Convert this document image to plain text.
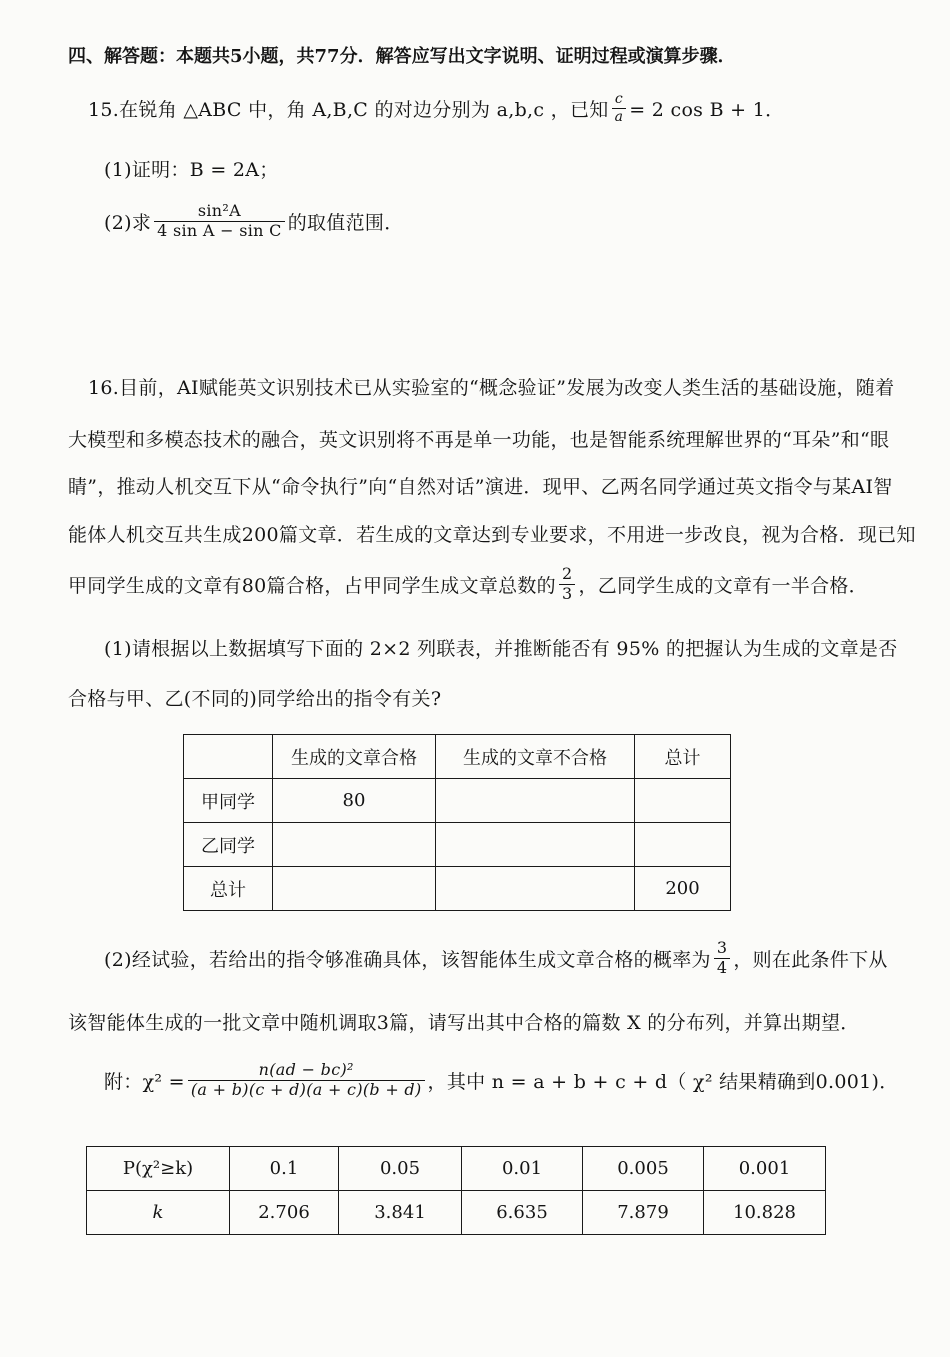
四、解答题：本题共5小题，共77分．解答应写出文字说明、证明过程或演算步骤．
15.在锐角 △ABC 中，角 A,B,C 的对边分别为 a,b,c ，已知 $\frac{c}{a} = 2$ cos B + 1．
(1)证明：B = 2A；
(2)求 $\frac{\text{sin²A}}{\text{4 sin A − sin C}}$ 的取值范围．
16.目前，AI赋能英文识别技术已从实验室的“概念验证”发展为改变人类生活的基础设施，随着
大模型和多模态技术的融合，英文识别将不再是单一功能，也是智能系统理解世界的“耳朵”和“眼
睛”，推动人机交互下从“命令执行”向“自然对话”演进．现甲、乙两名同学通过英文指令与某AI智
能体人机交互共生成200篇文章．若生成的文章达到专业要求，不用进一步改良，视为合格．现已知
甲同学生成的文章有80篇合格，占甲同学生成文章总数的 $\frac{2}{3}$ ，乙同学生成的文章有一半合格．
(1)请根据以上数据填写下面的 2×2 列联表，并推断能否有 95% 的把握认为生成的文章是否
合格与甲、乙(不同的)同学给出的指令有关?
	生成的文章合格	生成的文章不合格	总计
甲同学	80		
乙同学			
总计			200
(2)经试验，若给出的指令够准确具体，该智能体生成文章合格的概率为 $\frac{3}{4}$ ，则在此条件下从
该智能体生成的一批文章中随机调取3篇，请写出其中合格的篇数 X 的分布列，并算出期望．
附：$\chi^2 = \frac{\text{n(ad − bc)²}}{(a + b)(c + d)(a + c)(b + d)}$ ，其中 n = a + b + c + d（ χ² 结果精确到0.001)．
P(χ²≥k)	0.1	0.05	0.01	0.005	0.001
k	2.706	3.841	6.635	7.879	10.828
